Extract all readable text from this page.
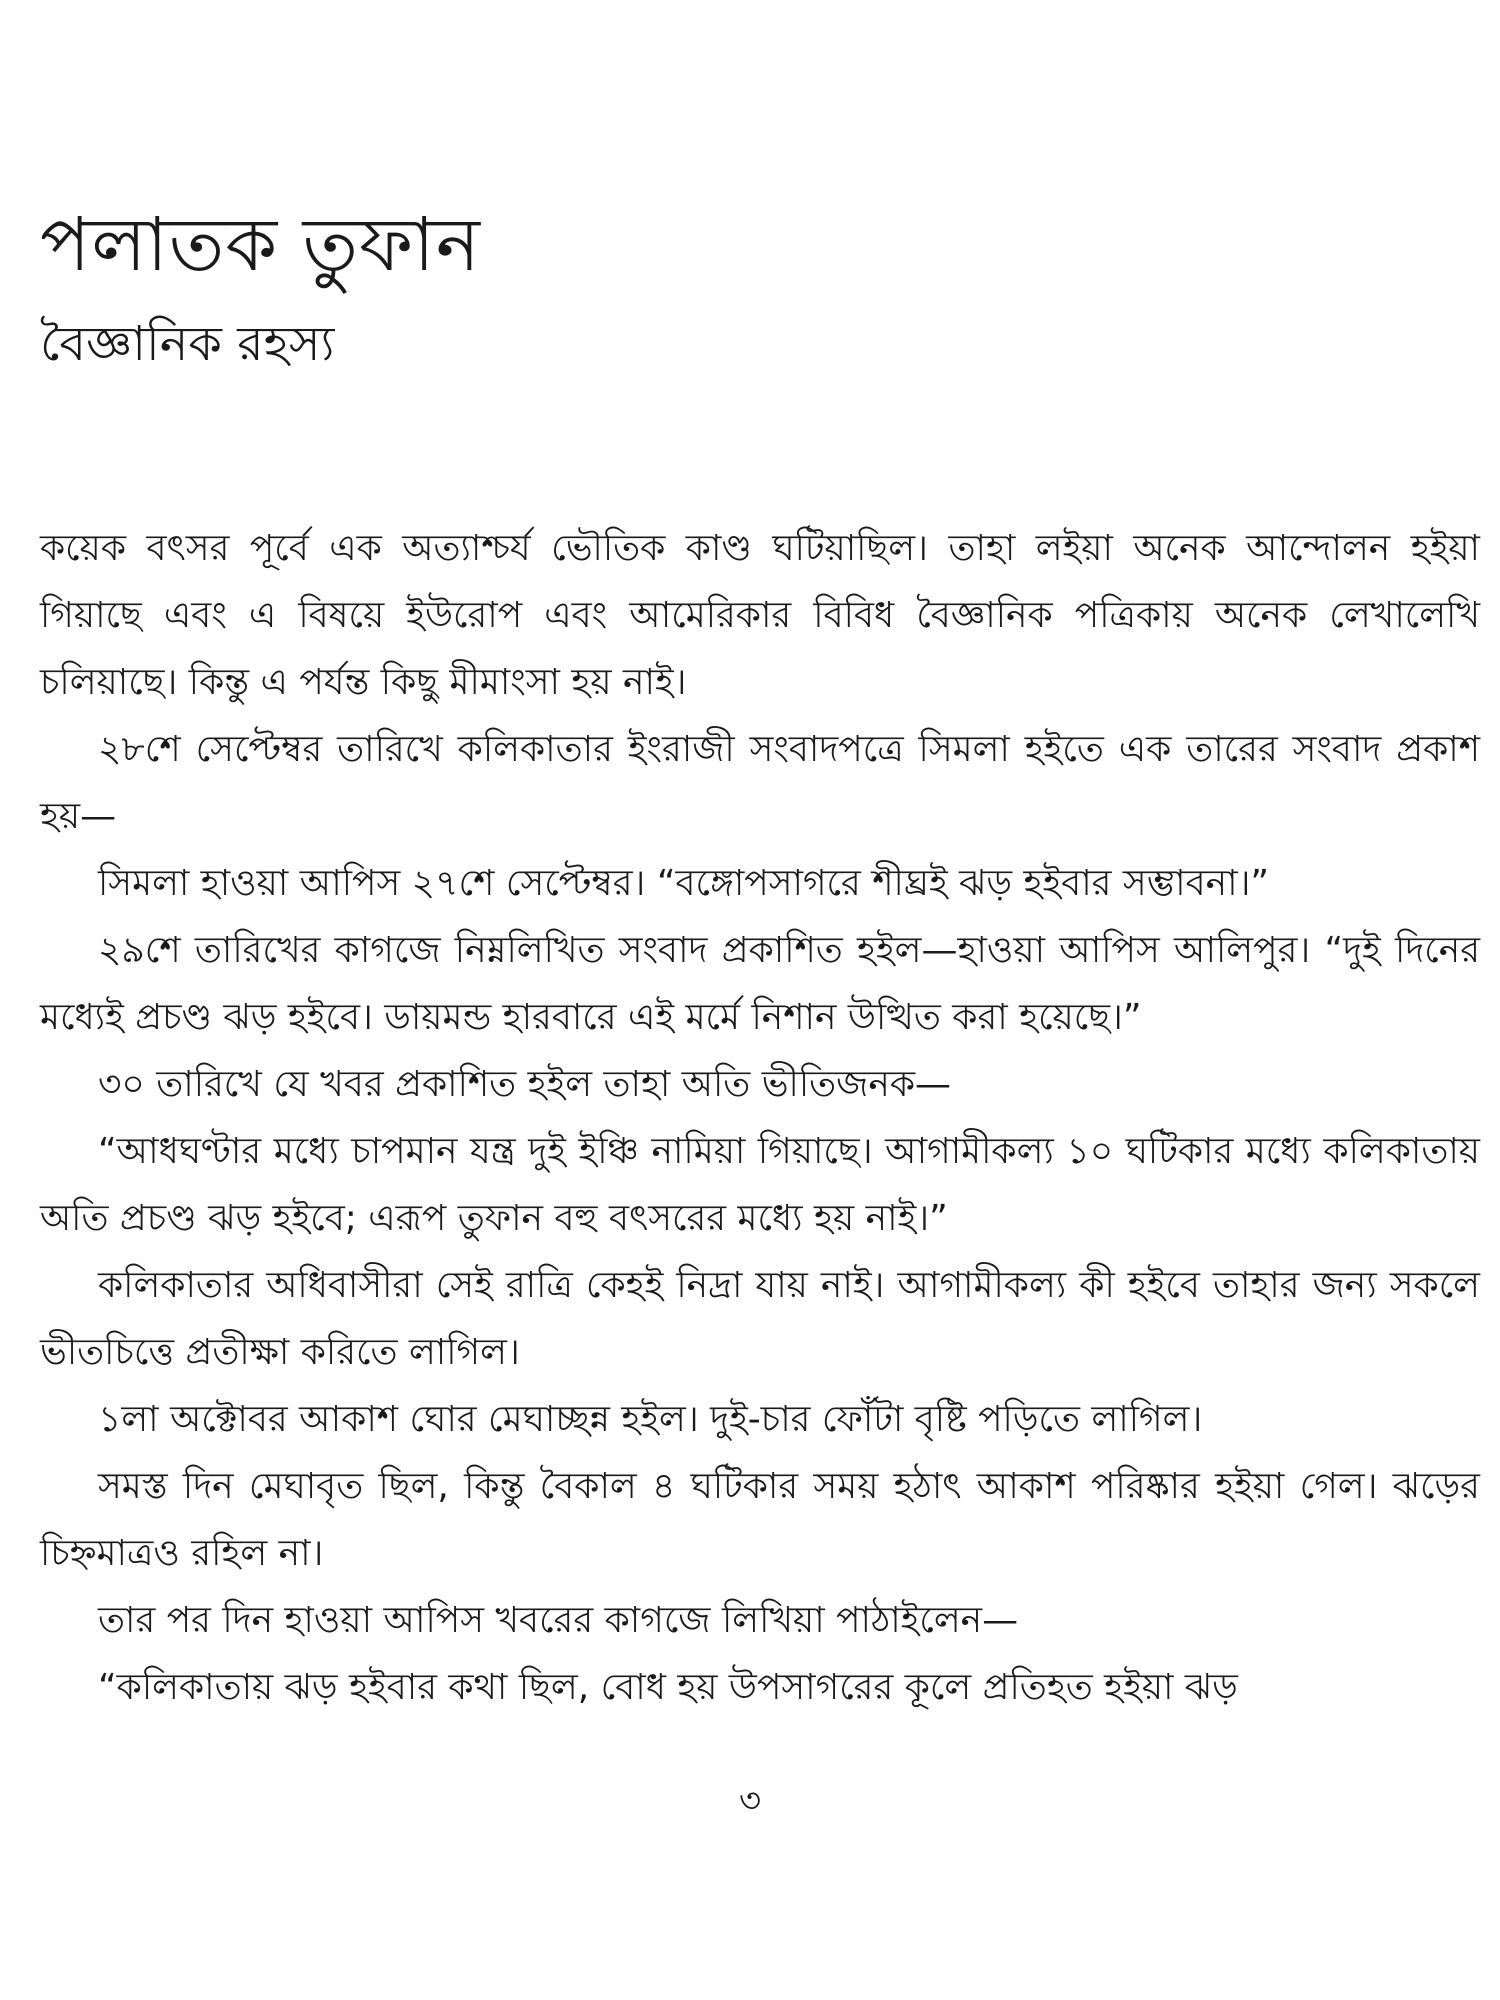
পলাতক তুফান
বৈজ্ঞানিক রহস্য

কয়েক বৎসর পূর্বে এক অত্যাশ্চর্য ভৌতিক কাণ্ড ঘটিয়াছিল। তাহা লইয়া অনেক আন্দোলন হইয়া গিয়াছে এবং এ বিষয়ে ইউরোপ এবং আমেরিকার বিবিধ বৈজ্ঞানিক পত্রিকায় অনেক লেখালেখি চলিয়াছে। কিন্তু এ পর্যন্ত কিছু মীমাংসা হয় নাই।

২৮শে সেপ্টেম্বর তারিখে কলিকাতার ইংরাজী সংবাদপত্রে সিমলা হইতে এক তারের সংবাদ প্রকাশ হয়—

সিমলা হাওয়া আপিস ২৭শে সেপ্টেম্বর। “বঙ্গোপসাগরে শীঘ্রই ঝড় হইবার সম্ভাবনা।”

২৯শে তারিখের কাগজে নিম্নলিখিত সংবাদ প্রকাশিত হইল—হাওয়া আপিস আলিপুর। “দুই দিনের মধ্যেই প্রচণ্ড ঝড় হইবে। ডায়মন্ড হারবারে এই মর্মে নিশান উত্থিত করা হয়েছে।”

৩০ তারিখে যে খবর প্রকাশিত হইল তাহা অতি ভীতিজনক—

“আধঘণ্টার মধ্যে চাপমান যন্ত্র দুই ইঞ্চি নামিয়া গিয়াছে। আগামীকল্য ১০ ঘটিকার মধ্যে কলিকাতায় অতি প্রচণ্ড ঝড় হইবে; এরূপ তুফান বহু বৎসরের মধ্যে হয় নাই।”

কলিকাতার অধিবাসীরা সেই রাত্রি কেহই নিদ্রা যায় নাই। আগামীকল্য কী হইবে তাহার জন্য সকলে ভীতচিত্তে প্রতীক্ষা করিতে লাগিল।

১লা অক্টোবর আকাশ ঘোর মেঘাচ্ছন্ন হইল। দুই-চার ফোঁটা বৃষ্টি পড়িতে লাগিল।

সমস্ত দিন মেঘাবৃত ছিল, কিন্তু বৈকাল ৪ ঘটিকার সময় হঠাৎ আকাশ পরিষ্কার হইয়া গেল। ঝড়ের চিহ্নমাত্রও রহিল না।

তার পর দিন হাওয়া আপিস খবরের কাগজে লিখিয়া পাঠাইলেন—

“কলিকাতায় ঝড় হইবার কথা ছিল, বোধ হয় উপসাগরের কূলে প্রতিহত হইয়া ঝড়

৩
